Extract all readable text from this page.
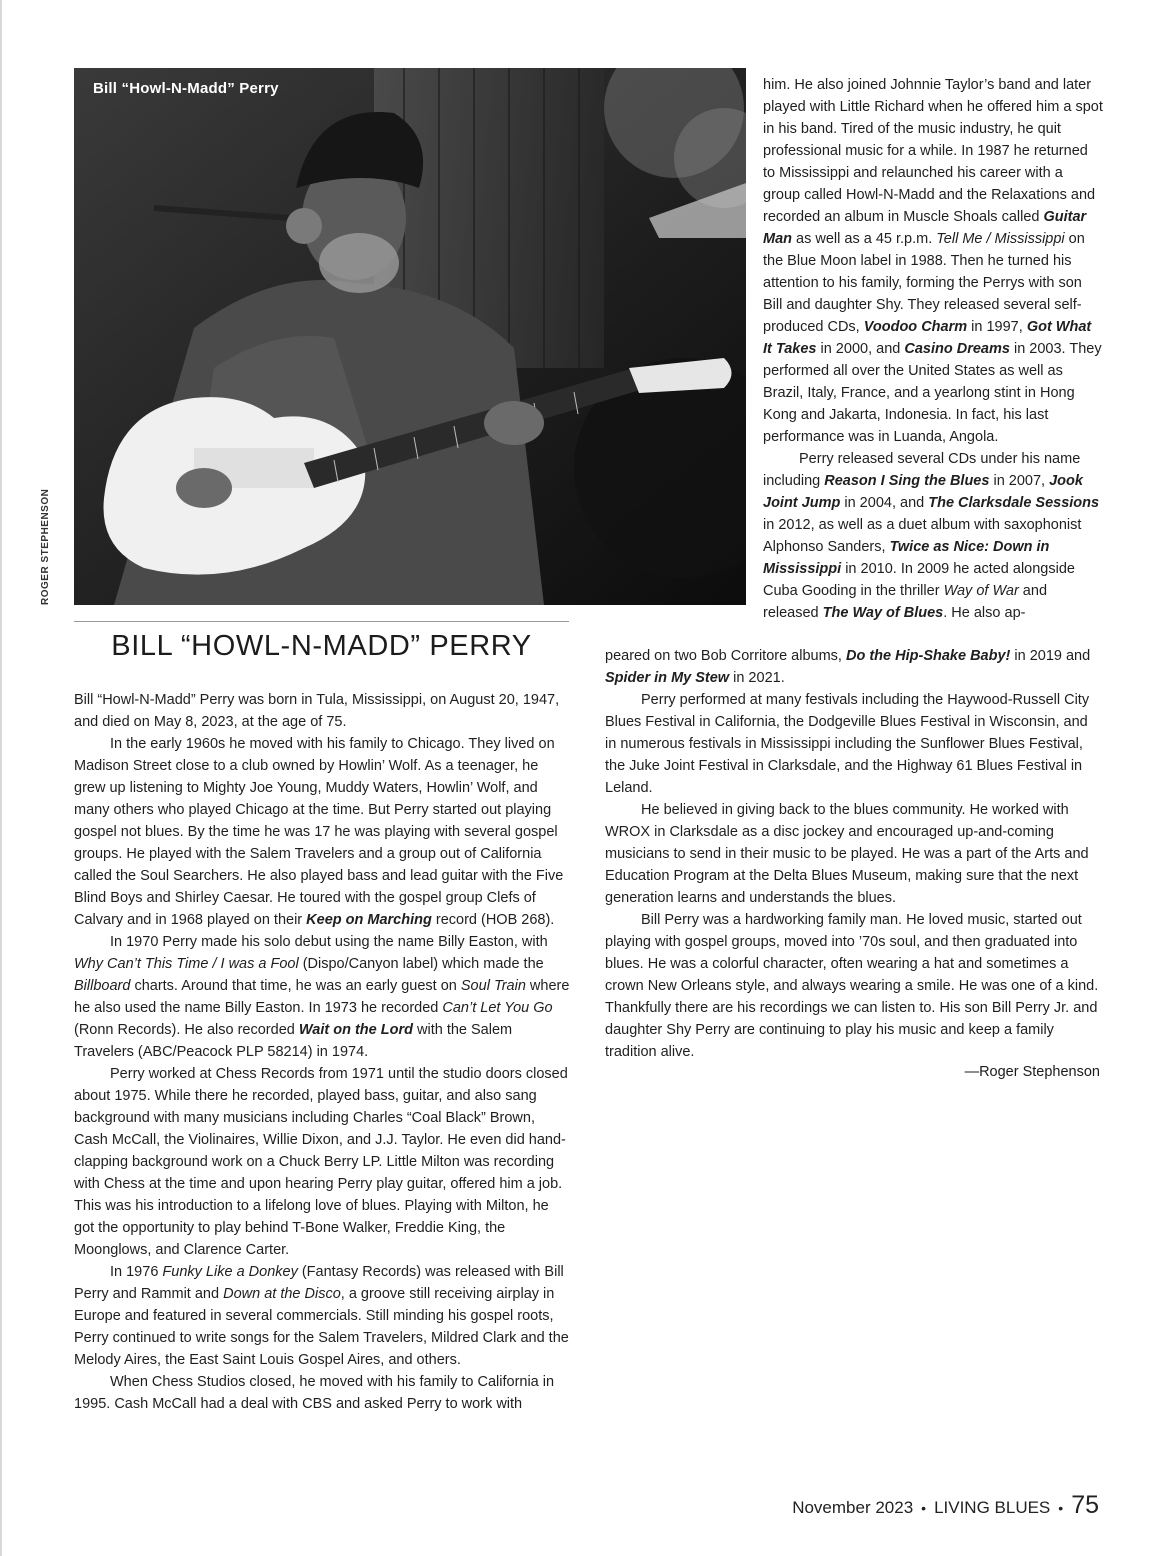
Bill “Howl-N-Madd” Perry
ROGER STEPHENSON
BILL “HOWL-N-MADD” PERRY

Bill “Howl-N-Madd” Perry was born in Tula, Mississippi, on August 20, 1947, and died on May 8, 2023, at the age of 75.

In the early 1960s he moved with his family to Chicago. They lived on Madison Street close to a club owned by Howlin’ Wolf. As a teenager, he grew up listening to Mighty Joe Young, Muddy Waters, Howlin’ Wolf, and many others who played Chicago at the time. But Perry started out playing gospel not blues. By the time he was 17 he was playing with several gospel groups. He played with the Salem Travelers and a group out of California called the Soul Searchers. He also played bass and lead guitar with the Five Blind Boys and Shirley Caesar. He toured with the gospel group Clefs of Calvary and in 1968 played on their Keep on Marching record (HOB 268).

In 1970 Perry made his solo debut using the name Billy Easton, with Why Can’t This Time / I was a Fool (Dispo/Canyon label) which made the Billboard charts. Around that time, he was an early guest on Soul Train where he also used the name Billy Easton. In 1973 he recorded Can’t Let You Go (Ronn Records). He also recorded Wait on the Lord with the Salem Travelers (ABC/Peacock PLP 58214) in 1974.

Perry worked at Chess Records from 1971 until the studio doors closed about 1975. While there he recorded, played bass, guitar, and also sang background with many musicians including Charles “Coal Black” Brown, Cash McCall, the Violinaires, Willie Dixon, and J.J. Taylor. He even did hand-clapping background work on a Chuck Berry LP. Little Milton was recording with Chess at the time and upon hearing Perry play guitar, offered him a job. This was his introduction to a lifelong love of blues. Playing with Milton, he got the opportunity to play behind T-Bone Walker, Freddie King, the Moonglows, and Clarence Carter.

In 1976 Funky Like a Donkey (Fantasy Records) was released with Bill Perry and Rammit and Down at the Disco, a groove still receiving airplay in Europe and featured in several commercials. Still minding his gospel roots, Perry continued to write songs for the Salem Travelers, Mildred Clark and the Melody Aires, the East Saint Louis Gospel Aires, and others.

When Chess Studios closed, he moved with his family to California in 1995. Cash McCall had a deal with CBS and asked Perry to work with

him. He also joined Johnnie Taylor’s band and later played with Little Richard when he offered him a spot in his band. Tired of the music industry, he quit professional music for a while. In 1987 he returned to Mississippi and relaunched his career with a group called Howl-N-Madd and the Relaxations and recorded an album in Muscle Shoals called Guitar Man as well as a 45 r.p.m. Tell Me / Mississippi on the Blue Moon label in 1988. Then he turned his attention to his family, forming the Perrys with son Bill and daughter Shy. They released several self-produced CDs, Voodoo Charm in 1997, Got What It Takes in 2000, and Casino Dreams in 2003. They performed all over the United States as well as Brazil, Italy, France, and a yearlong stint in Hong Kong and Jakarta, Indonesia. In fact, his last performance was in Luanda, Angola.

Perry released several CDs under his name including Reason I Sing the Blues in 2007, Jook Joint Jump in 2004, and The Clarksdale Sessions in 2012, as well as a duet album with saxophonist Alphonso Sanders, Twice as Nice: Down in Mississippi in 2010. In 2009 he acted alongside Cuba Gooding in the thriller Way of War and released The Way of Blues. He also ap-

peared on two Bob Corritore albums, Do the Hip-Shake Baby! in 2019 and Spider in My Stew in 2021.

Perry performed at many festivals including the Haywood-Russell City Blues Festival in California, the Dodgeville Blues Festival in Wisconsin, and in numerous festivals in Mississippi including the Sunflower Blues Festival, the Juke Joint Festival in Clarksdale, and the Highway 61 Blues Festival in Leland.

He believed in giving back to the blues community. He worked with WROX in Clarksdale as a disc jockey and encouraged up-and-coming musicians to send in their music to be played. He was a part of the Arts and Education Program at the Delta Blues Museum, making sure that the next generation learns and understands the blues.

Bill Perry was a hardworking family man. He loved music, started out playing with gospel groups, moved into ’70s soul, and then graduated into blues. He was a colorful character, often wearing a hat and sometimes a crown New Orleans style, and always wearing a smile. He was one of a kind. Thankfully there are his recordings we can listen to. His son Bill Perry Jr. and daughter Shy Perry are continuing to play his music and keep a family tradition alive.

—Roger Stephenson
November 2023 • LIVING BLUES • 75
